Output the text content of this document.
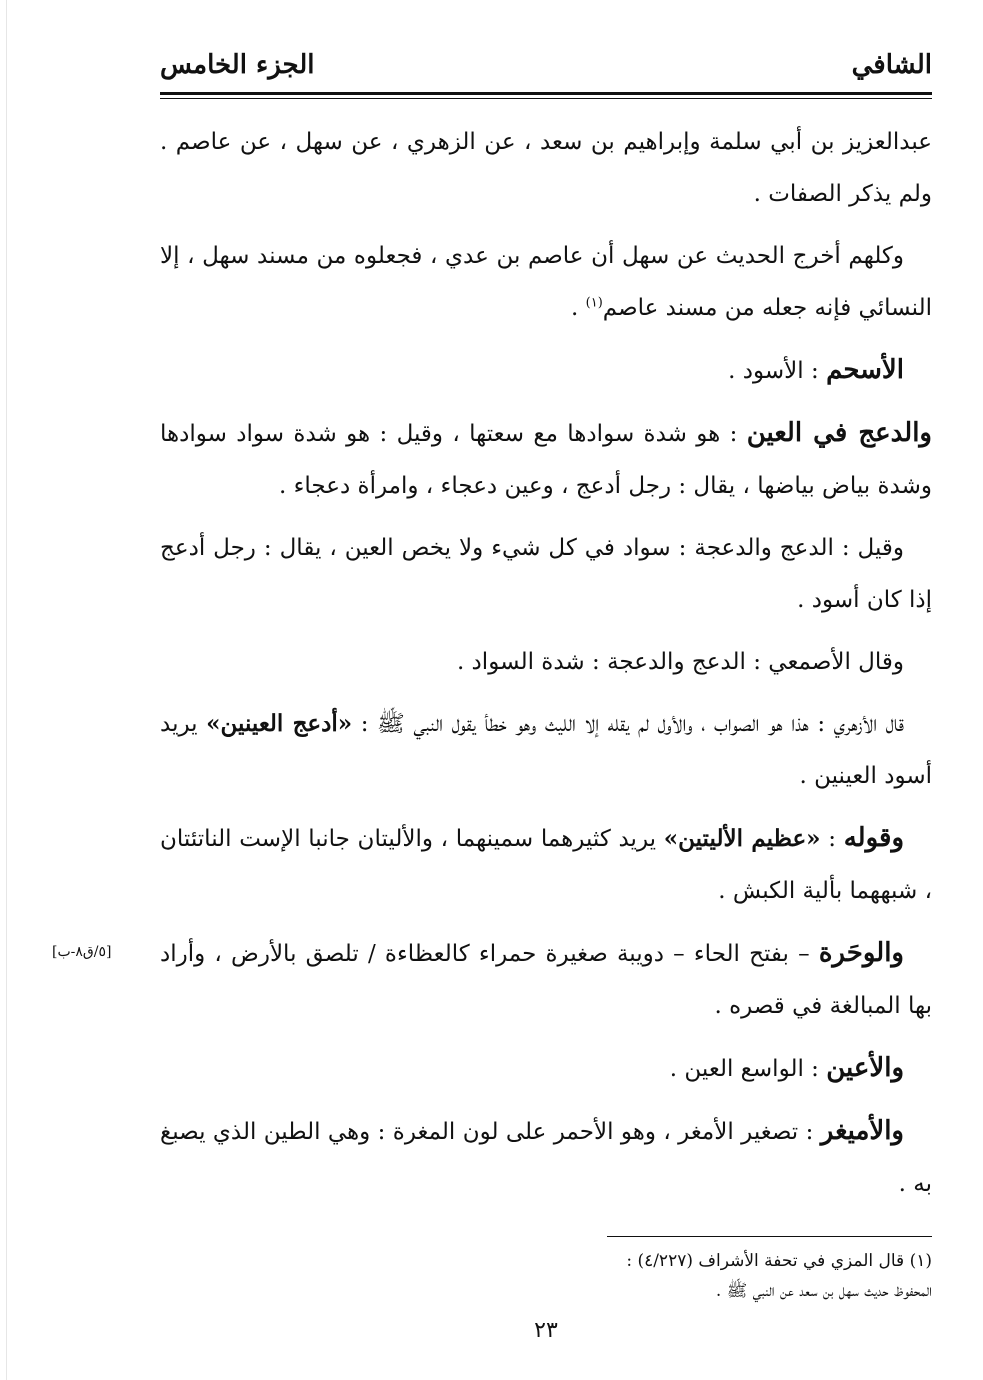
الشافي
الجزء الخامس

عبدالعزيز بن أبي سلمة وإبراهيم بن سعد ، عن الزهري ، عن سهل ، عن عاصم . ولم يذكر الصفات .

وكلهم أخرج الحديث عن سهل أن عاصم بن عدي ، فجعلوه من مسند سهل ، إلا النسائي فإنه جعله من مسند عاصم$^{(١)}$ .

الأسحم : الأسود .

والدعج في العين : هو شدة سوادها مع سعتها ، وقيل : هو شدة سواد سوادها وشدة بياض بياضها ، يقال : رجل أدعج ، وعين دعجاء ، وامرأة دعجاء .

وقيل : الدعج والدعجة : سواد في كل شيء ولا يخص العين ، يقال : رجل أدعج إذا كان أسود .

وقال الأصمعي : الدعج والدعجة : شدة السواد .

قال الأزهري : هذا هو الصواب ، والأول لم يقله إلا الليث وهو خطأ يقول النبي ﷺ : «أدعج العينين» يريد أسود العينين .

وقوله : «عظيم الأليتين» يريد كثيرهما سمينهما ، والأليتان جانبا الإست الناتئتان ، شبههما بألية الكبش .

والوحَرة – بفتح الحاء – دويبة صغيرة حمراء كالعظاءة / تلصق بالأرض ، وأراد بها المبالغة في قصره .

والأعين : الواسع العين .

والأميغر : تصغير الأمغر ، وهو الأحمر على لون المغرة : وهي الطين الذي يصبغ به .

(١) قال المزي في تحفة الأشراف (٤/٢٢٧) :

المحفوظ حديث سهل بن سعد عن النبي ﷺ .

٢٣
[٥/ق٨-ب]
